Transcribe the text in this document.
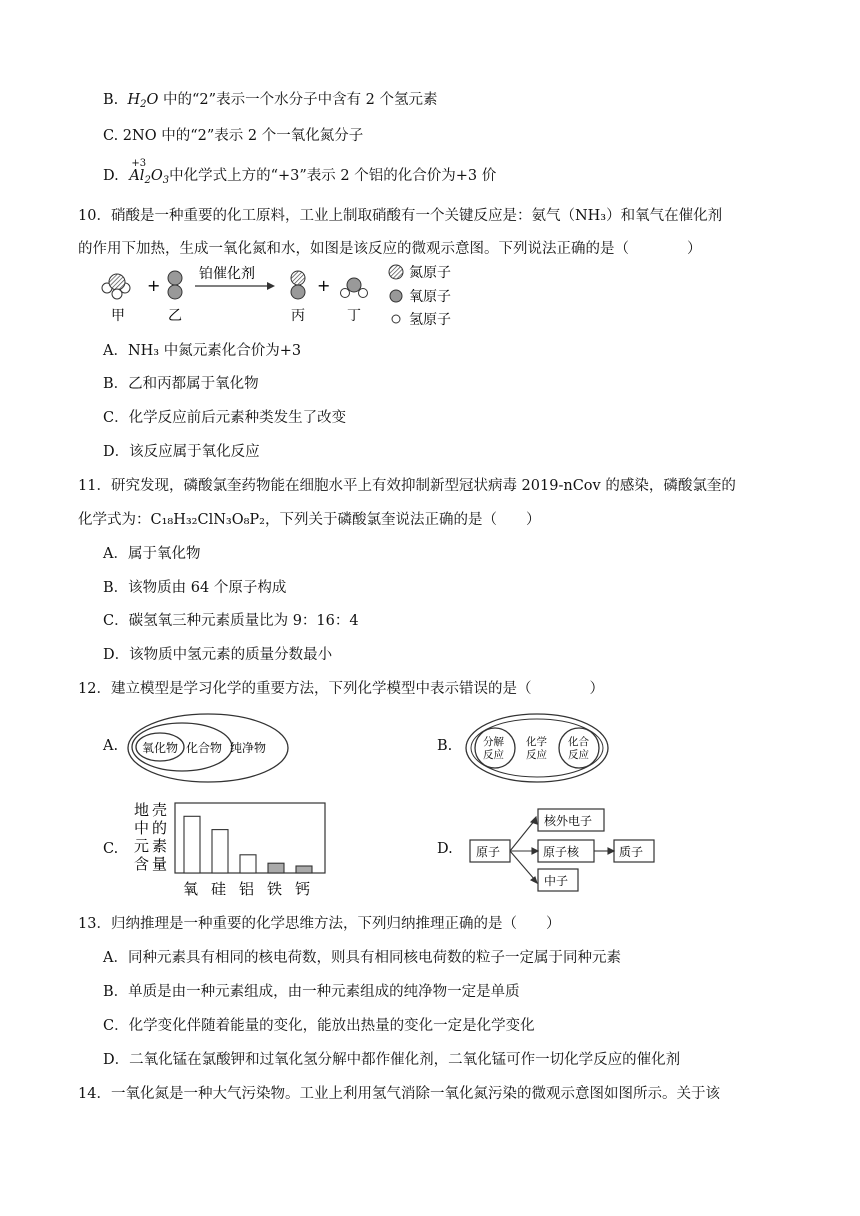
B. $H_2O$ 中的“2”表示一个水分子中含有 2 个氢元素
C. 2NO 中的“2”表示 2 个一氧化氮分子
D.
+3
$Al_2O_3$中化学式上方的“+3”表示 2 个铝的化合价为+3 价
10．硝酸是一种重要的化工原料，工业上制取硝酸有一个关键反应是：氨气（NH₃）和氧气在催化剂
的作用下加热，生成一氧化氮和水，如图是该反应的微观示意图。下列说法正确的是（　　　　）
+
铂催化剂
+
甲	乙	丙	丁
氮原子
氧原子
氢原子
A．NH₃ 中氮元素化合价为+3
B．乙和丙都属于氧化物
C．化学反应前后元素种类发生了改变
D．该反应属于氧化反应
11．研究发现，磷酸氯奎药物能在细胞水平上有效抑制新型冠状病毒 2019-nCov 的感染，磷酸氯奎的
化学式为：C₁₈H₃₂ClN₃O₈P₂，下列关于磷酸氯奎说法正确的是（　　）
A．属于氧化物
B．该物质由 64 个原子构成
C．碳氢氧三种元素质量比为 9：16：4
D．该物质中氢元素的质量分数最小
12．建立模型是学习化学的重要方法，下列化学模型中表示错误的是（　　　　）
A. 氧化物 化合物 纯净物	B.	分解
反应
化学
反应
化合
反应
C.
地 壳
中 的
元 素
含 量
氧 硅 铝 铁 钙
D. 原子
核外电子
原子核	质子
中子
13．归纳推理是一种重要的化学思维方法，下列归纳推理正确的是（　　）
A．同种元素具有相同的核电荷数，则具有相同核电荷数的粒子一定属于同种元素
B．单质是由一种元素组成，由一种元素组成的纯净物一定是单质
C．化学变化伴随着能量的变化，能放出热量的变化一定是化学变化
D．二氧化锰在氯酸钾和过氧化氢分解中都作催化剂，二氧化锰可作一切化学反应的催化剂
14．一氧化氮是一种大气污染物。工业上利用氢气消除一氧化氮污染的微观示意图如图所示。关于该
